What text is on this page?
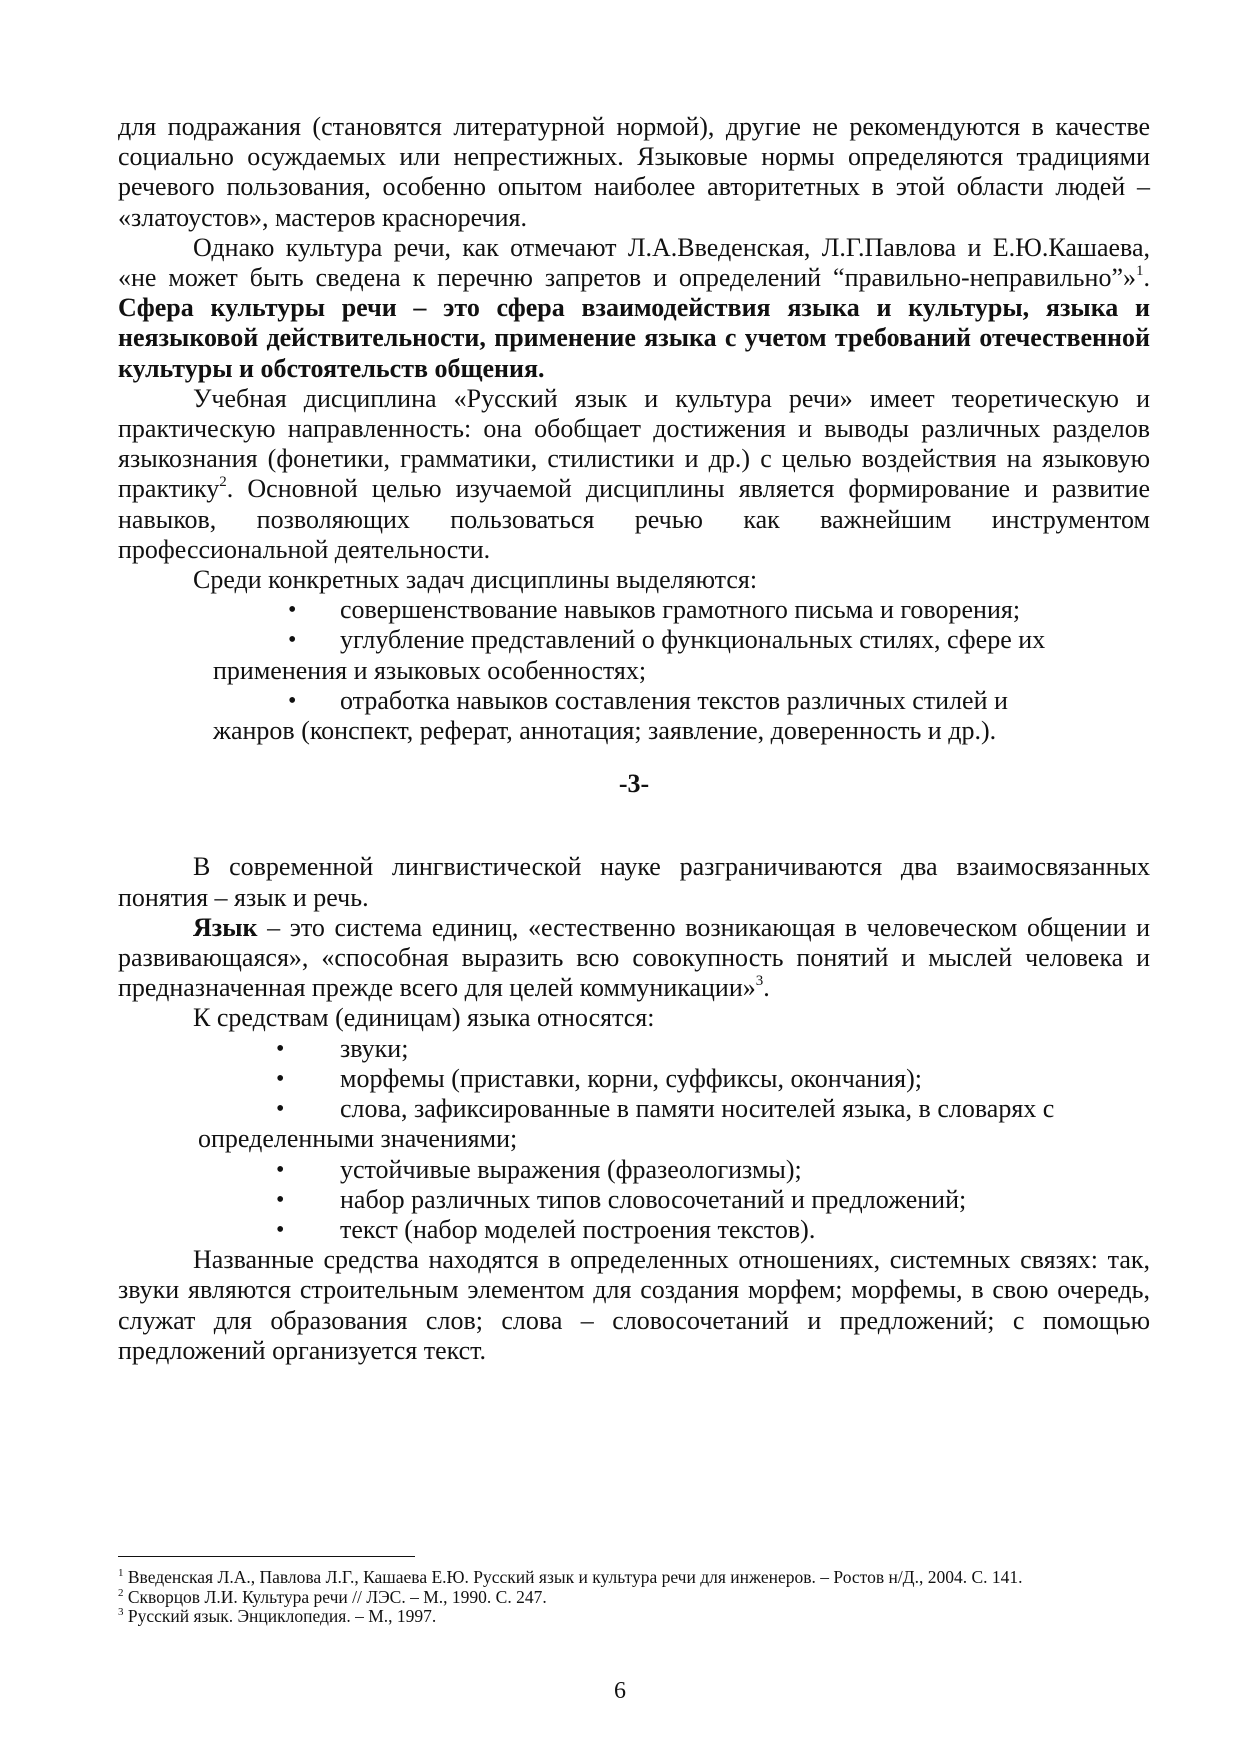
для подражания (становятся литературной нормой), другие не рекомендуются в качестве социально осуждаемых или непрестижных. Языковые нормы определяются традициями речевого пользования, особенно опытом наиболее авторитетных в этой области людей – «златоустов», мастеров красноречия.

Однако культура речи, как отмечают Л.А.Введенская, Л.Г.Павлова и Е.Ю.Кашаева, «не может быть сведена к перечню запретов и определений “правильно-неправильно”»$^1$. Сфера культуры речи – это сфера взаимодействия языка и культуры, языка и неязыковой действительности, применение языка с учетом требований отечественной культуры и обстоятельств общения.

Учебная дисциплина «Русский язык и культура речи» имеет теоретическую и практическую направленность: она обобщает достижения и выводы различных разделов языкознания (фонетики, грамматики, стилистики и др.) с целью воздействия на языковую практику$^2$. Основной целью изучаемой дисциплины является формирование и развитие навыков, позволяющих пользоваться речью как важнейшим инструментом профессиональной деятельности.

Среди конкретных задач дисциплины выделяются:

• совершенствование навыков грамотного письма и говорения;
• углубление представлений о функциональных стилях, сфере их
применения и языковых особенностях;
• отработка навыков составления текстов различных стилей и
жанров (конспект, реферат, аннотация; заявление, доверенность и др.).

-3-

В современной лингвистической науке разграничиваются два взаимосвязанных понятия – язык и речь.

Язык – это система единиц, «естественно возникающая в человеческом общении и развивающаяся», «способная выразить всю совокупность понятий и мыслей человека и предназначенная прежде всего для целей коммуникации»$^3$.

К средствам (единицам) языка относятся:

• звуки;
• морфемы (приставки, корни, суффиксы, окончания);
• слова, зафиксированные в памяти носителей языка, в словарях с
определенными значениями;
• устойчивые выражения (фразеологизмы);
• набор различных типов словосочетаний и предложений;
• текст (набор моделей построения текстов).

Названные средства находятся в определенных отношениях, системных связях: так, звуки являются строительным элементом для создания морфем; морфемы, в свою очередь, служат для образования слов; слова – словосочетаний и предложений; с помощью предложений организуется текст.

$^1$ Введенская Л.А., Павлова Л.Г., Кашаева Е.Ю. Русский язык и культура речи для инженеров. – Ростов н/Д., 2004. С. 141.

$^2$ Скворцов Л.И. Культура речи // ЛЭС. – М., 1990. С. 247.

$^3$ Русский язык. Энциклопедия. – М., 1997.

6
